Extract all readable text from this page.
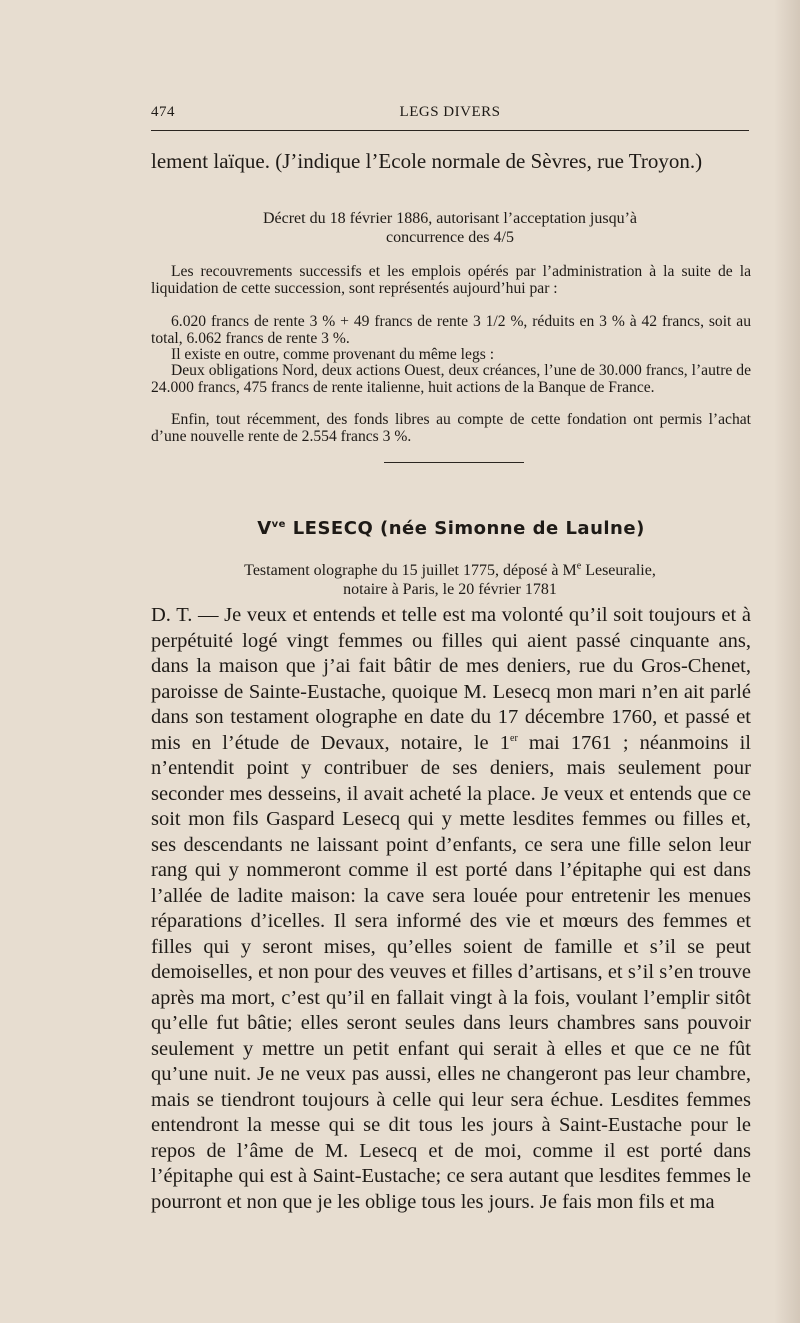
474	LEGS DIVERS
lement laïque. (J’indique l’Ecole normale de Sèvres, rue Troyon.)
Décret du 18 février 1886, autorisant l’acceptation jusqu’à
concurrence des 4/5

Les recouvrements successifs et les emplois opérés par l’administration à la suite de la liquidation de cette succession, sont représentés aujourd’hui par :

6.020 francs de rente 3 % + 49 francs de rente 3 1/2 %, réduits en 3 % à 42 francs, soit au total, 6.062 francs de rente 3 %.

Il existe en outre, comme provenant du même legs :

Deux obligations Nord, deux actions Ouest, deux créances, l’une de 30.000 francs, l’autre de 24.000 francs, 475 francs de rente italienne, huit actions de la Banque de France.

Enfin, tout récemment, des fonds libres au compte de cette fondation ont permis l’achat d’une nouvelle rente de 2.554 francs 3 %.

$V^{ve}$ LESECQ (née Simonne de Laulne)
Testament olographe du 15 juillet 1775, déposé à Me Leseuralie,
notaire à Paris, le 20 février 1781
D. T. — Je veux et entends et telle est ma volonté qu’il soit toujours et à perpétuité logé vingt femmes ou filles qui aient passé cinquante ans, dans la maison que j’ai fait bâtir de mes deniers, rue du Gros-Chenet, paroisse de Sainte-Eustache, quoique M. Lesecq mon mari n’en ait parlé dans son testament olographe en date du 17 décembre 1760, et passé et mis en l’étude de Devaux, notaire, le 1er mai 1761 ; néanmoins il n’entendit point y contribuer de ses deniers, mais seulement pour seconder mes desseins, il avait acheté la place. Je veux et entends que ce soit mon fils Gaspard Lesecq qui y mette lesdites femmes ou filles et, ses descendants ne laissant point d’enfants, ce sera une fille selon leur rang qui y nommeront comme il est porté dans l’épitaphe qui est dans l’allée de ladite maison: la cave sera louée pour entretenir les menues réparations d’icelles. Il sera informé des vie et mœurs des femmes et filles qui y seront mises, qu’elles soient de famille et s’il se peut demoiselles, et non pour des veuves et filles d’artisans, et s’il s’en trouve après ma mort, c’est qu’il en fallait vingt à la fois, voulant l’emplir sitôt qu’elle fut bâtie; elles seront seules dans leurs chambres sans pouvoir seulement y mettre un petit enfant qui serait à elles et que ce ne fût qu’une nuit. Je ne veux pas aussi, elles ne changeront pas leur chambre, mais se tiendront toujours à celle qui leur sera échue. Lesdites femmes entendront la messe qui se dit tous les jours à Saint-Eustache pour le repos de l’âme de M. Lesecq et de moi, comme il est porté dans l’épitaphe qui est à Saint-Eustache; ce sera autant que lesdites femmes le pourront et non que je les oblige tous les jours. Je fais mon fils et ma
